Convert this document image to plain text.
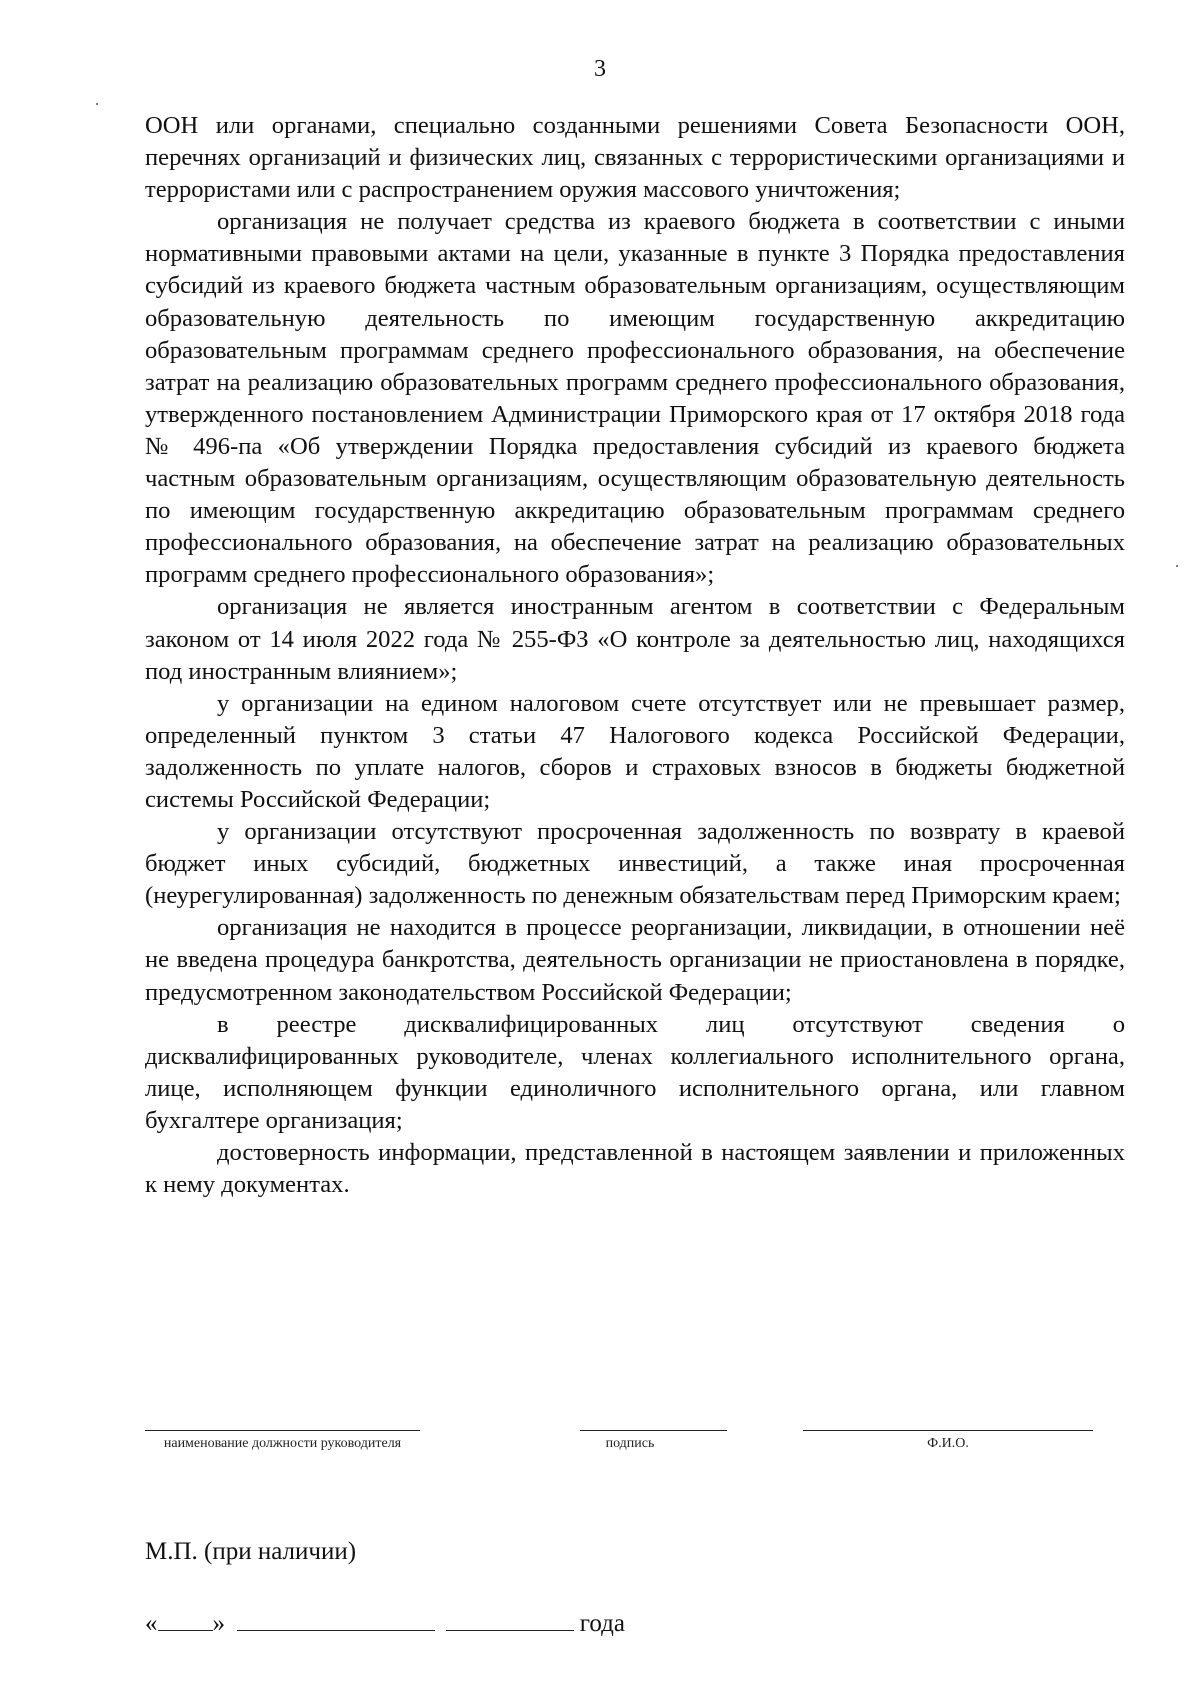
3

ООН или органами, специально созданными решениями Совета Безопасности ООН, перечнях организаций и физических лиц, связанных с террористическими организациями и террористами или с распространением оружия массового уничтожения;

организация не получает средства из краевого бюджета в соответствии с иными нормативными правовыми актами на цели, указанные в пункте 3 Порядка предоставления субсидий из краевого бюджета частным образовательным организациям, осуществляющим образовательную деятельность по имеющим государственную аккредитацию образовательным программам среднего профессионального образования, на обеспечение затрат на реализацию образовательных программ среднего профессионального образования, утвержденного постановлением Администрации Приморского края от 17 октября 2018 года № 496-па «Об утверждении Порядка предоставления субсидий из краевого бюджета частным образовательным организациям, осуществляющим образовательную деятельность по имеющим государственную аккредитацию образовательным программам среднего профессионального образования, на обеспечение затрат на реализацию образовательных программ среднего профессионального образования»;

организация не является иностранным агентом в соответствии с Федеральным законом от 14 июля 2022 года № 255-ФЗ «О контроле за деятельностью лиц, находящихся под иностранным влиянием»;

у организации на едином налоговом счете отсутствует или не превышает размер, определенный пунктом 3 статьи 47 Налогового кодекса Российской Федерации, задолженность по уплате налогов, сборов и страховых взносов в бюджеты бюджетной системы Российской Федерации;

у организации отсутствуют просроченная задолженность по возврату в краевой бюджет иных субсидий, бюджетных инвестиций, а также иная просроченная (неурегулированная) задолженность по денежным обязательствам перед Приморским краем;

организация не находится в процессе реорганизации, ликвидации, в отношении неё не введена процедура банкротства, деятельность организации не приостановлена в порядке, предусмотренном законодательством Российской Федерации;

в реестре дисквалифицированных лиц отсутствуют сведения о дисквалифицированных руководителе, членах коллегиального исполнительного органа, лице, исполняющем функции единоличного исполнительного органа, или главном бухгалтере организация;

достоверность информации, представленной в настоящем заявлении и приложенных к нему документах.

наименование должности руководителя	подпись	Ф.И.О.
М.П. (при наличии)
« »	года
